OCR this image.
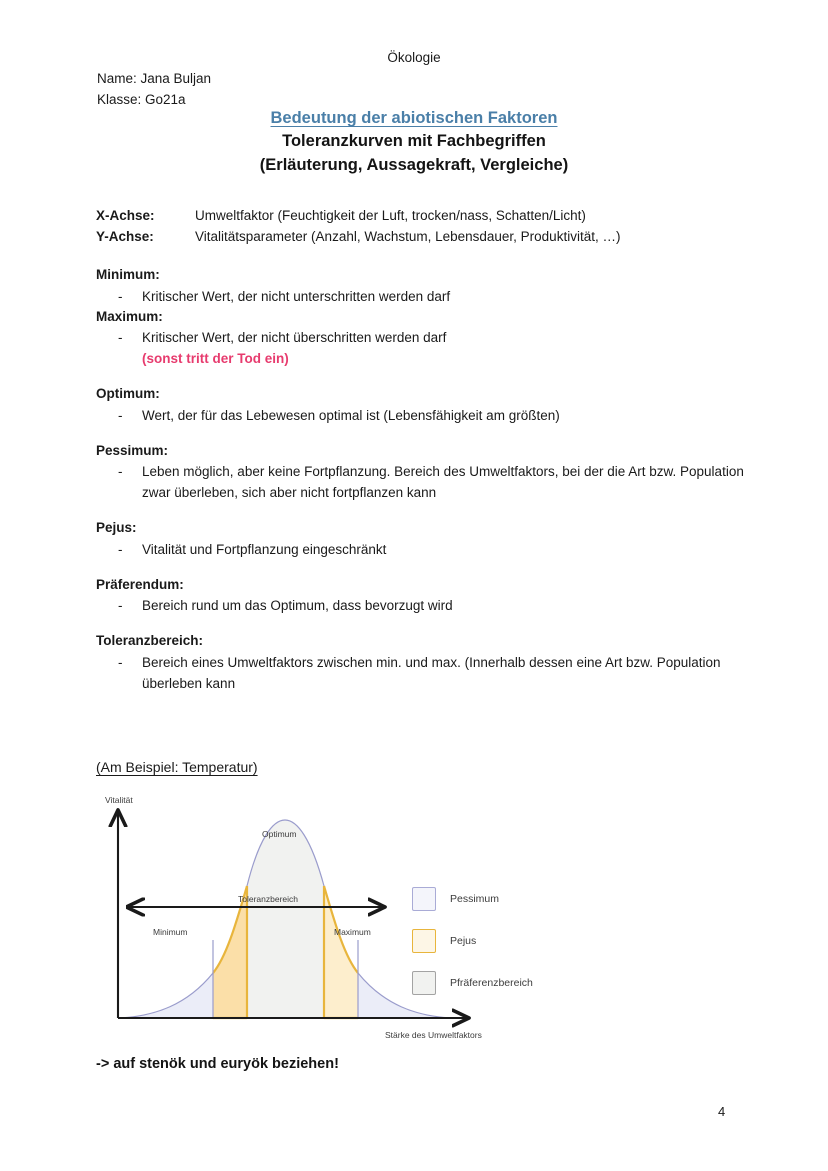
Ökologie
Name: Jana Buljan
Klasse: Go21a
Bedeutung der abiotischen Faktoren
Toleranzkurven mit Fachbegriffen
(Erläuterung, Aussagekraft, Vergleiche)
X-Achse:	Umweltfaktor (Feuchtigkeit der Luft, trocken/nass, Schatten/Licht)
Y-Achse:	Vitalitätsparameter (Anzahl, Wachstum, Lebensdauer, Produktivität, …)
Minimum:
-	Kritischer Wert, der nicht unterschritten werden darf
Maximum:
-	Kritischer Wert, der nicht überschritten werden darf
(sonst tritt der Tod ein)
Optimum:
-	Wert, der für das Lebewesen optimal ist (Lebensfähigkeit am größten)
Pessimum:
-	Leben möglich, aber keine Fortpflanzung. Bereich des Umweltfaktors, bei der die Art bzw. Population zwar überleben, sich aber nicht fortpflanzen kann
Pejus:
-	Vitalität und Fortpflanzung eingeschränkt
Präferendum:
-	Bereich rund um das Optimum, dass bevorzugt wird
Toleranzbereich:
-	Bereich eines Umweltfaktors zwischen min. und max. (Innerhalb dessen eine Art bzw. Population überleben kann
(Am Beispiel: Temperatur)
Vitalität
Stärke des Umweltfaktors
Optimum
Toleranzbereich
Minimum	Maximum
Pessimum
Pejus
Pfräferenzbereich
-> auf stenök und euryök beziehen!
4
